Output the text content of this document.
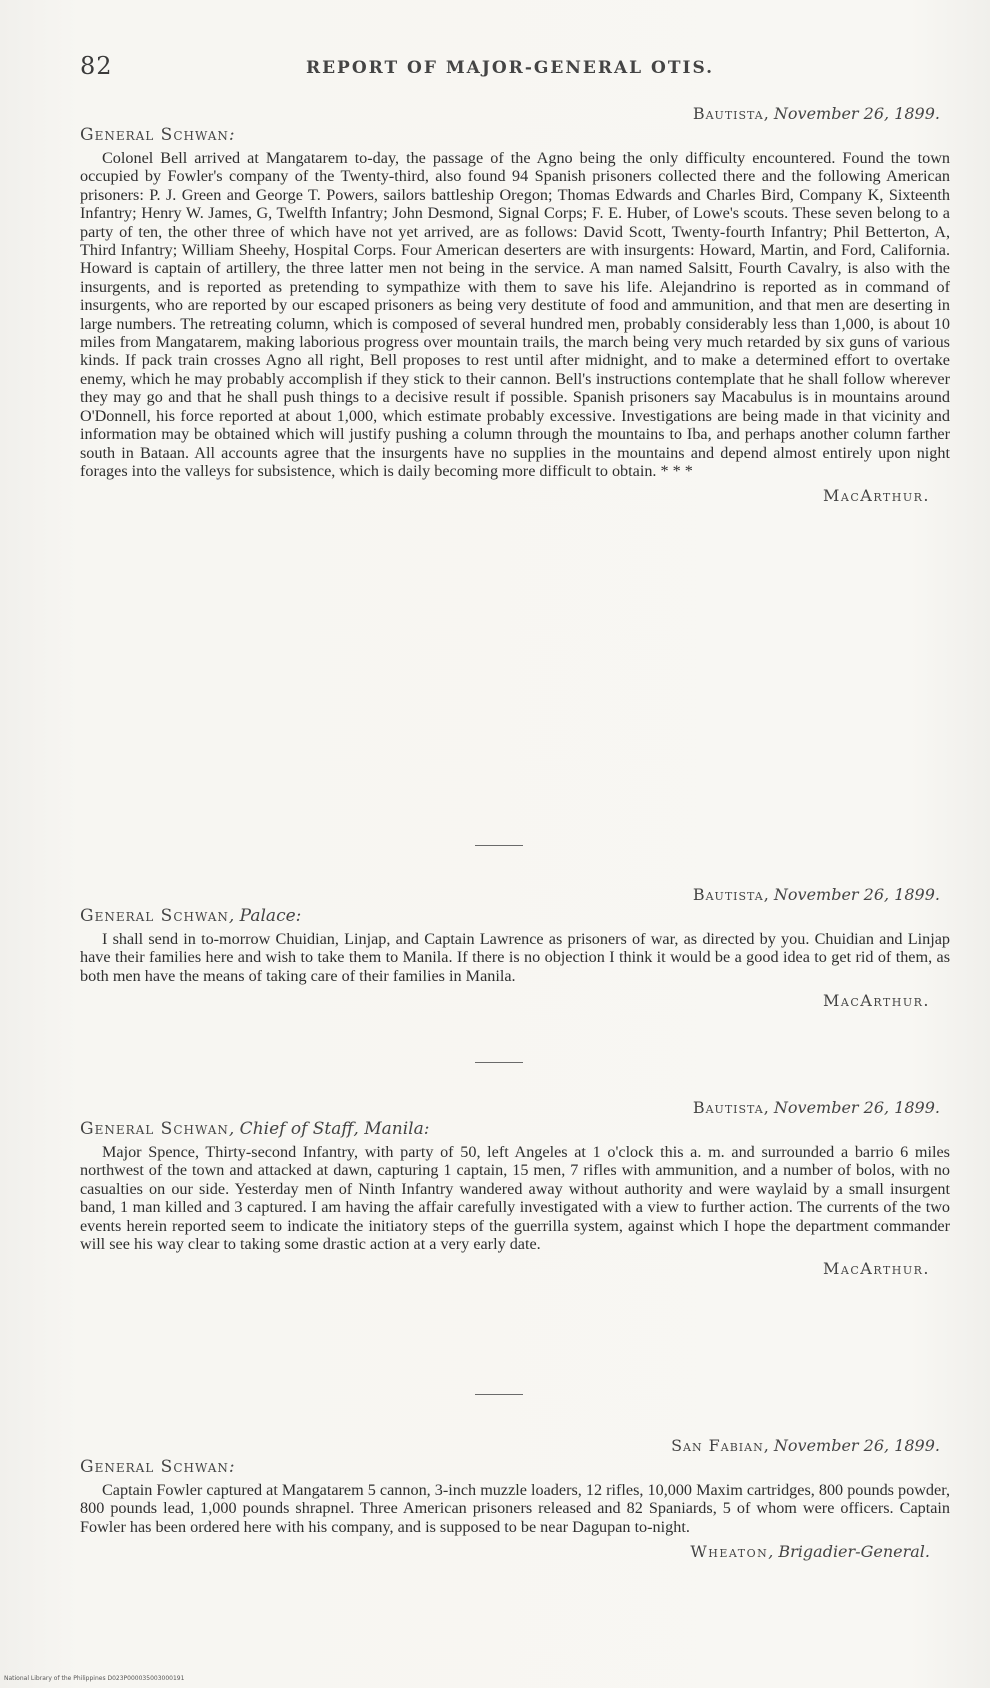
82	REPORT OF MAJOR-GENERAL OTIS.
Bautista, November 26, 1899.
General Schwan:

Colonel Bell arrived at Mangatarem to-day, the passage of the Agno being the only difficulty encountered. Found the town occupied by Fowler's company of the Twenty-third, also found 94 Spanish prisoners collected there and the following American prisoners: P. J. Green and George T. Powers, sailors battleship Oregon; Thomas Edwards and Charles Bird, Company K, Sixteenth Infantry; Henry W. James, G, Twelfth Infantry; John Desmond, Signal Corps; F. E. Huber, of Lowe's scouts. These seven belong to a party of ten, the other three of which have not yet arrived, are as follows: David Scott, Twenty-fourth Infantry; Phil Betterton, A, Third Infantry; William Sheehy, Hospital Corps. Four American deserters are with insurgents: Howard, Martin, and Ford, California. Howard is captain of artillery, the three latter men not being in the service. A man named Salsitt, Fourth Cavalry, is also with the insurgents, and is reported as pretending to sympathize with them to save his life. Alejandrino is reported as in command of insurgents, who are reported by our escaped prisoners as being very destitute of food and ammunition, and that men are deserting in large numbers. The retreating column, which is composed of several hundred men, probably considerably less than 1,000, is about 10 miles from Mangatarem, making laborious progress over mountain trails, the march being very much retarded by six guns of various kinds. If pack train crosses Agno all right, Bell proposes to rest until after midnight, and to make a determined effort to overtake enemy, which he may probably accomplish if they stick to their cannon. Bell's instructions contemplate that he shall follow wherever they may go and that he shall push things to a decisive result if possible. Spanish prisoners say Macabulus is in mountains around O'Donnell, his force reported at about 1,000, which estimate probably excessive. Investigations are being made in that vicinity and information may be obtained which will justify pushing a column through the mountains to Iba, and perhaps another column farther south in Bataan. All accounts agree that the insurgents have no supplies in the mountains and depend almost entirely upon night forages into the valleys for subsistence, which is daily becoming more difficult to obtain. * * *

MacArthur.
Bautista, November 26, 1899.
General Schwan, Palace:

I shall send in to-morrow Chuidian, Linjap, and Captain Lawrence as prisoners of war, as directed by you. Chuidian and Linjap have their families here and wish to take them to Manila. If there is no objection I think it would be a good idea to get rid of them, as both men have the means of taking care of their families in Manila.

MacArthur.
Bautista, November 26, 1899.
General Schwan, Chief of Staff, Manila:

Major Spence, Thirty-second Infantry, with party of 50, left Angeles at 1 o'clock this a. m. and surrounded a barrio 6 miles northwest of the town and attacked at dawn, capturing 1 captain, 15 men, 7 rifles with ammunition, and a number of bolos, with no casualties on our side. Yesterday men of Ninth Infantry wandered away without authority and were waylaid by a small insurgent band, 1 man killed and 3 captured. I am having the affair carefully investigated with a view to further action. The currents of the two events herein reported seem to indicate the initiatory steps of the guerrilla system, against which I hope the department commander will see his way clear to taking some drastic action at a very early date.

MacArthur.
San Fabian, November 26, 1899.
General Schwan:

Captain Fowler captured at Mangatarem 5 cannon, 3-inch muzzle loaders, 12 rifles, 10,000 Maxim cartridges, 800 pounds powder, 800 pounds lead, 1,000 pounds shrapnel. Three American prisoners released and 82 Spaniards, 5 of whom were officers. Captain Fowler has been ordered here with his company, and is supposed to be near Dagupan to-night.

Wheaton, Brigadier-General.
National Library of the Philippines D023P000035003000191
